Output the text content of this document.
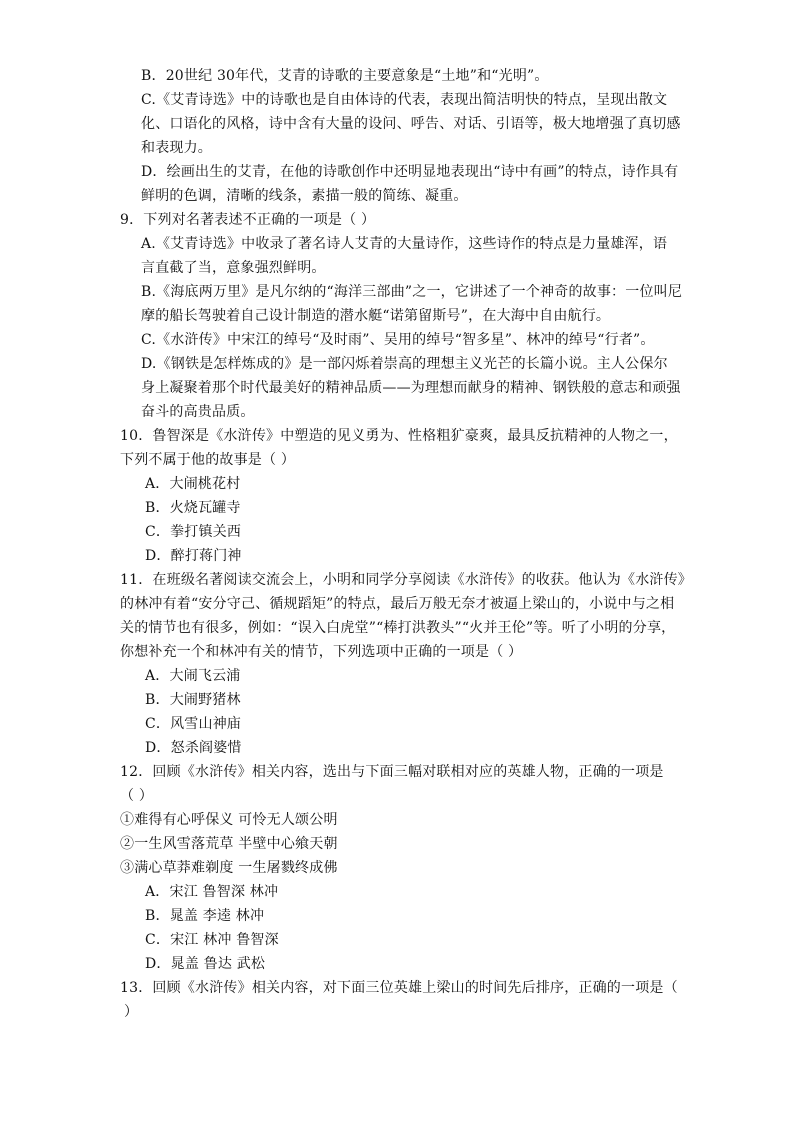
B．20世纪 30年代，艾青的诗歌的主要意象是“土地”和“光明”。
C.《艾青诗选》中的诗歌也是自由体诗的代表，表现出简洁明快的特点，呈现出散文
化、口语化的风格，诗中含有大量的设问、呼告、对话、引语等，极大地增强了真切感
和表现力。
D．绘画出生的艾青，在他的诗歌创作中还明显地表现出“诗中有画”的特点，诗作具有
鲜明的色调，清晰的线条，素描一般的简练、凝重。
9．下列对名著表述不正确的一项是（ ）
A.《艾青诗选》中收录了著名诗人艾青的大量诗作，这些诗作的特点是力量雄浑，语
言直截了当，意象强烈鲜明。
B.《海底两万里》是凡尔纳的“海洋三部曲”之一，它讲述了一个神奇的故事：一位叫尼
摩的船长驾驶着自己设计制造的潜水艇“诺第留斯号”，在大海中自由航行。
C.《水浒传》中宋江的绰号“及时雨”、吴用的绰号“智多星”、林冲的绰号“行者”。
D.《钢铁是怎样炼成的》是一部闪烁着崇高的理想主义光芒的长篇小说。主人公保尔
身上凝聚着那个时代最美好的精神品质——为理想而献身的精神、钢铁般的意志和顽强
奋斗的高贵品质。
10．鲁智深是《水浒传》中塑造的见义勇为、性格粗犷豪爽，最具反抗精神的人物之一，
下列不属于他的故事是（ ）
A．大闹桃花村
B．火烧瓦罐寺
C．拳打镇关西
D．醉打蒋门神
11．在班级名著阅读交流会上，小明和同学分享阅读《水浒传》的收获。他认为《水浒传》
的林冲有着“安分守己、循规蹈矩”的特点，最后万般无奈才被逼上梁山的，小说中与之相
关的情节也有很多，例如：“误入白虎堂”“棒打洪教头”“火并王伦”等。听了小明的分享，
你想补充一个和林冲有关的情节，下列选项中正确的一项是（ ）
A．大闹飞云浦
B．大闹野猪林
C．风雪山神庙
D．怒杀阎婆惜
12．回顾《水浒传》相关内容，选出与下面三幅对联相对应的英雄人物，正确的一项是
（ ）
①难得有心呼保义 可怜无人颂公明
②一生风雪落荒草 半壁中心飨天朝
③满心草莽难剃度 一生屠戮终成佛
A．宋江 鲁智深 林冲
B．晁盖 李逵 林冲
C．宋江 林冲 鲁智深
D．晁盖 鲁达 武松
13．回顾《水浒传》相关内容，对下面三位英雄上梁山的时间先后排序，正确的一项是（
）
